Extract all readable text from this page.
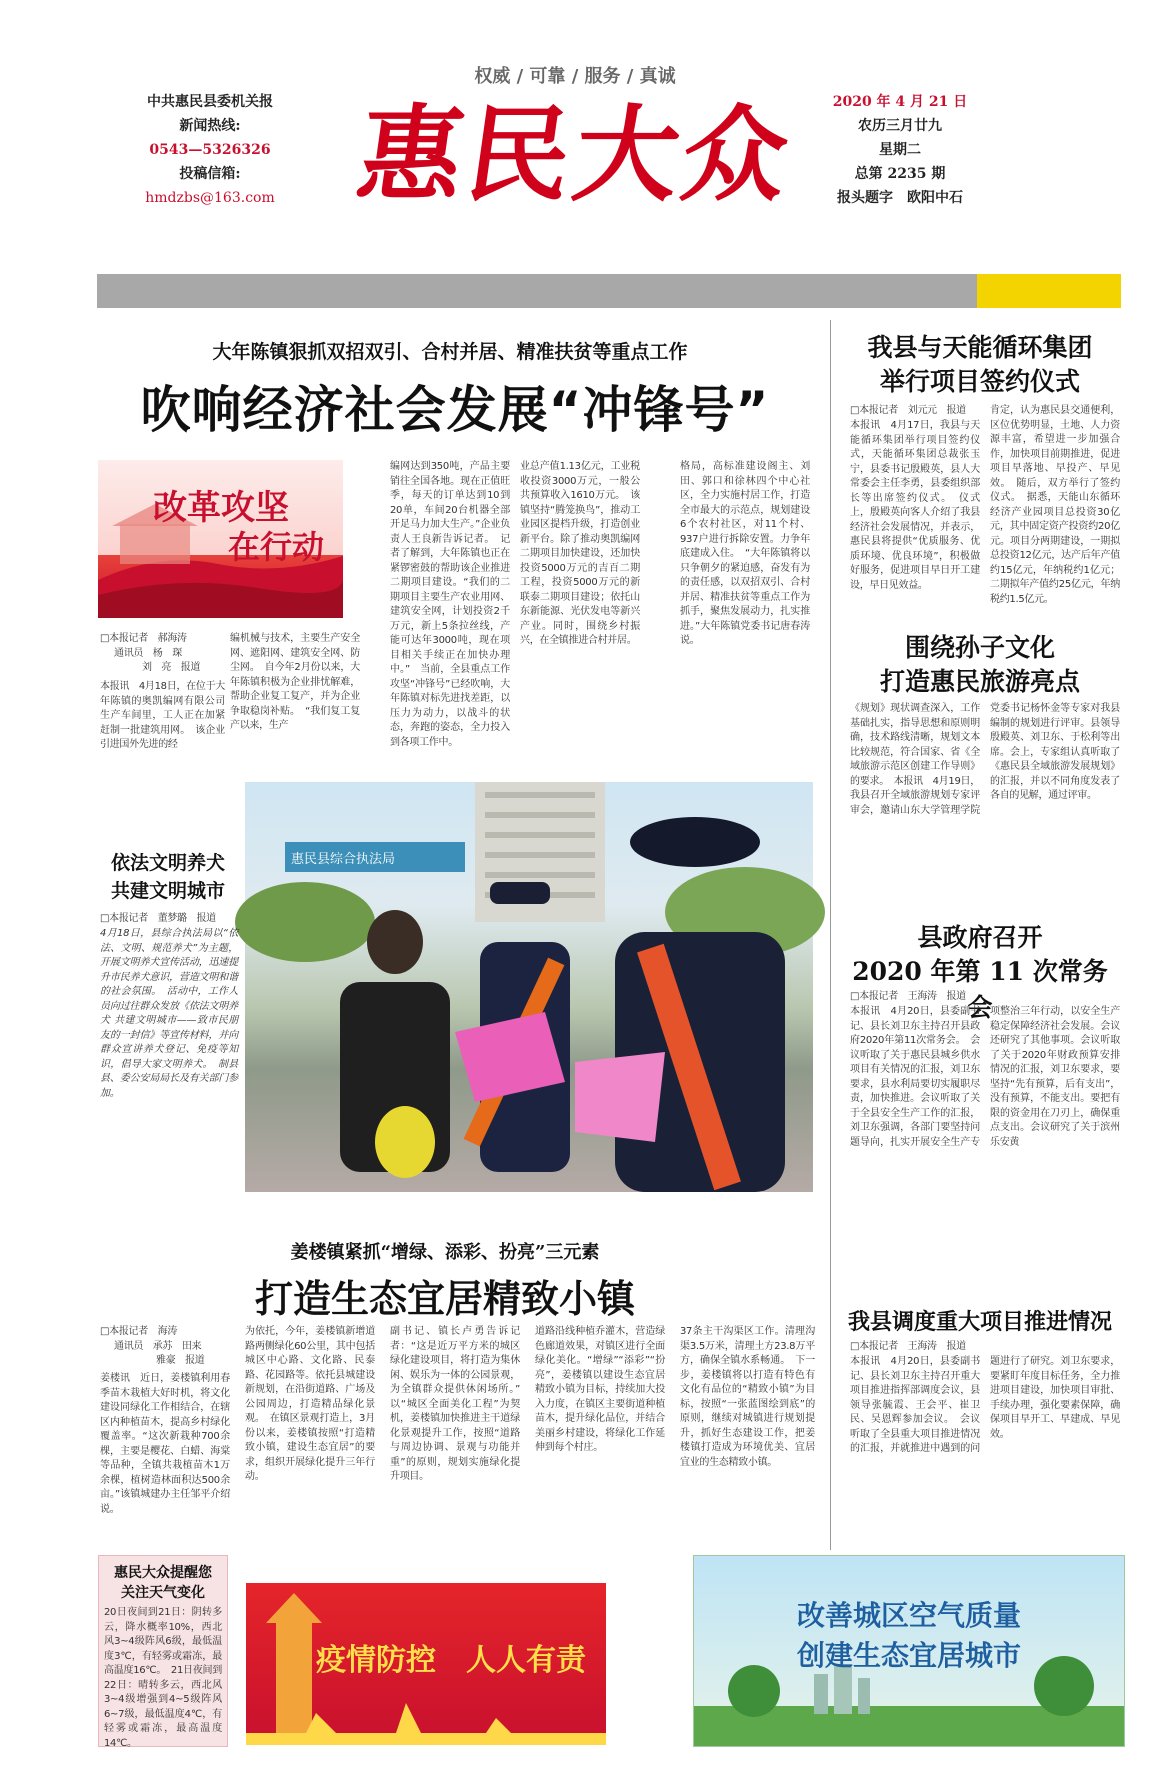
权威 / 可靠 / 服务 / 真诚
中共惠民县委机关报
新闻热线:
0543—5326326
投稿信箱:
hmdzbs@163.com 惠民大众	2020 年 4 月 21 日
农历三月廿九
星期二
总第 2235 期
报头题字　欧阳中石
大年陈镇狠抓双招双引、合村并居、精准扶贫等重点工作
吹响经济社会发展“冲锋号”
改革攻坚
在行动
□本报记者　郝海涛
通讯员　杨　琛
刘　亮　报道
本报讯　4月18日，在位于大年陈镇的奥凯编网有限公司生产车间里，工人正在加紧赶制一批建筑用网。　该企业引进国外先进的经
编机械与技术，主要生产安全网、遮阳网、建筑安全网、防尘网。　自今年2月份以来，大年陈镇积极为企业排忧解难，帮助企业复工复产，并为企业争取稳岗补贴。　“我们复工复产以来，生产
编网达到350吨，产品主要销往全国各地。现在正值旺季，每天的订单达到10到20单，车间20台机器全部开足马力加大生产。”企业负责人王良新告诉记者。　记者了解到，大年陈镇也正在紧锣密鼓的帮助该企业推进二期项目建设。“我们的二期项目主要生产农业用网、建筑安全网，计划投资2千万元，新上5条拉丝线，产能可达年3000吨，现在项目相关手续正在加快办理中。”　当前，全县重点工作攻坚“冲锋号”已经吹响，大年陈镇对标先进找差距，以压力为动力，以战斗的状态，奔跑的姿态，全力投入到各项工作中。
业总产值1.13亿元，工业税收投资3000万元，一般公共预算收入1610万元。　该镇坚持“腾笼换鸟”，推动工业园区提档升级，打造创业新平台。除了推动奥凯编网二期项目加快建设，还加快投资5000万元的吉百二期工程，投资5000万元的新联泰二期项目建设；依托山东新能源、光伏发电等新兴产业。同时，围绕乡村振兴，在全镇推进合村并居。
格局，高标准建设阁主、刘田、郭口和徐林四个中心社区，全力实施村居工作，打造全市最大的示范点，规划建设6个农村社区，对11个村、937户进行拆除安置。力争年底建成入住。　“大年陈镇将以只争朝夕的紧迫感，奋发有为的责任感，以双招双引、合村并居、精准扶贫等重点工作为抓手，聚焦发展动力，扎实推进。”大年陈镇党委书记唐春涛说。
我县与天能循环集团
举行项目签约仪式
□本报记者　刘元元　报道
本报讯　4月17日，我县与天能循环集团举行项目签约仪式，天能循环集团总裁张玉宁，县委书记殷殿英，县人大常委会主任李勇，县委组织部长等出席签约仪式。　仪式上，殷殿英向客人介绍了我县经济社会发展情况，并表示，惠民县将提供“优质服务、优质环境、优良环境”，积极做好服务，促进项目早日开工建设，早日见效益。
肯定，认为惠民县交通便利，区位优势明显，土地、人力资源丰富，希望进一步加强合作，加快项目前期推进，促进项目早落地、早投产、早见效。　随后，双方举行了签约仪式。　据悉，天能山东循环经济产业园项目总投资30亿元，其中固定资产投资约20亿元。项目分两期建设，一期拟总投资12亿元，达产后年产值约15亿元，年纳税约1亿元；二期拟年产值约25亿元，年纳税约1.5亿元。
围绕孙子文化
打造惠民旅游亮点
《规划》现状调查深入，工作基础扎实，指导思想和原则明确，技术路线清晰，规划文本比较规范，符合国家、省《全域旅游示范区创建工作导则》的要求。　本报讯　4月19日，我县召开全域旅游规划专家评审会，邀请山东大学管理学院党委书记杨怀金等专家对我县编制的规划进行评审。县领导殷殿英、刘卫东、于松利等出席。会上，专家组认真听取了《惠民县全域旅游发展规划》的汇报，并以不同角度发表了各自的见解，通过评审。
县政府召开
2020 年第 11 次常务会
□本报记者　王海涛　报道
本报讯　4月20日，县委副书记、县长刘卫东主持召开县政府2020年第11次常务会。　会议听取了关于惠民县城乡供水项目有关情况的汇报，刘卫东要求，县水利局要切实履职尽责，加快推进。会议听取了关于全县安全生产工作的汇报，刘卫东强调，各部门要坚持问题导向，扎实开展安全生产专项整治三年行动，以安全生产稳定保障经济社会发展。会议还研究了其他事项。会议听取了关于2020年财政预算安排情况的汇报，刘卫东要求，要坚持“先有预算，后有支出”，没有预算，不能支出。要把有限的资金用在刀刃上，确保重点支出。会议研究了关于滨州乐安黄
我县调度重大项目推进情况
□本报记者　王海涛　报道
本报讯　4月20日，县委副书记、县长刘卫东主持召开重大项目推进指挥部调度会议，县领导张毓霞、王会平、崔卫民、吴恩辉参加会议。　会议听取了全县重大项目推进情况的汇报，并就推进中遇到的问题进行了研究。刘卫东要求，要紧盯年度目标任务，全力推进项目建设，加快项目审批、手续办理，强化要素保障，确保项目早开工、早建成、早见效。
惠民县综合执法局
依法文明养犬
共建文明城市
□本报记者　董梦璐　报道
4月18日，县综合执法局以“依法、文明、规范养犬”为主题，开展文明养犬宣传活动，迅速提升市民养犬意识，营造文明和谐的社会氛围。　活动中，工作人员向过往群众发放《依法文明养犬 共建文明城市——致市民朋友的一封信》等宣传材料，并向群众宣讲养犬登记、免疫等知识，倡导大家文明养犬。　制县县、委公安局局长及有关部门参加。
姜楼镇紧抓“增绿、添彩、扮亮”三元素
打造生态宜居精致小镇
□本报记者　海涛
通讯员　承苏　田来
雅豪　报道
姜楼讯　近日，姜楼镇利用春季苗木栽植大好时机，将文化建设同绿化工作相结合，在辖区内种植苗木，提高乡村绿化覆盖率。“这次新栽种700余棵，主要是樱花、白蜡、海棠等品种，全镇共栽植苗木1万余棵，植树造林面积达500余亩。”该镇城建办主任邹平介绍说。
为依托，今年，姜楼镇新增道路两侧绿化60公里，其中包括城区中心路、文化路、民泰路、花园路等。依托县城建设新规划，在沿街道路、广场及公园周边，打造精品绿化景观。　在镇区景观打造上，3月份以来，姜楼镇按照“打造精致小镇，建设生态宜居”的要求，组织开展绿化提升三年行动。
副书记、镇长卢勇告诉记者：“这是近万平方米的城区绿化建设项目，将打造为集休闲、娱乐为一体的公园景观，为全镇群众提供休闲场所。”　以“城区全面美化工程”为契机，姜楼镇加快推进主干道绿化景观提升工作，按照“道路与周边协调、景观与功能并重”的原则，规划实施绿化提升项目。
道路沿线种植乔灌木，营造绿色廊道效果，对镇区进行全面绿化美化。“增绿”“添彩”“扮亮”，姜楼镇以建设生态宜居精致小镇为目标，持续加大投入力度，在镇区主要街道种植苗木，提升绿化品位，并结合美丽乡村建设，将绿化工作延伸到每个村庄。
37条主干沟渠区工作。清理沟渠3.5万米，清理土方23.8万平方，确保全镇水系畅通。　下一步，姜楼镇将以打造有特色有文化有品位的“精致小镇”为目标，按照“一张蓝图绘到底”的原则，继续对城镇进行规划提升，抓好生态建设工作，把姜楼镇打造成为环境优美、宜居宜业的生态精致小镇。
惠民大众提醒您
关注天气变化
20日夜间到21日：阴转多云，降水概率10%，西北风3~4级阵风6级，最低温度3℃，有轻雾或霜冻，最高温度16℃。　21日夜间到22日：晴转多云，西北风3~4级增强到4~5级阵风6~7级，最低温度4℃，有轻雾或霜冻，最高温度14℃。
疫情防控　人人有责
改善城区空气质量
创建生态宜居城市
